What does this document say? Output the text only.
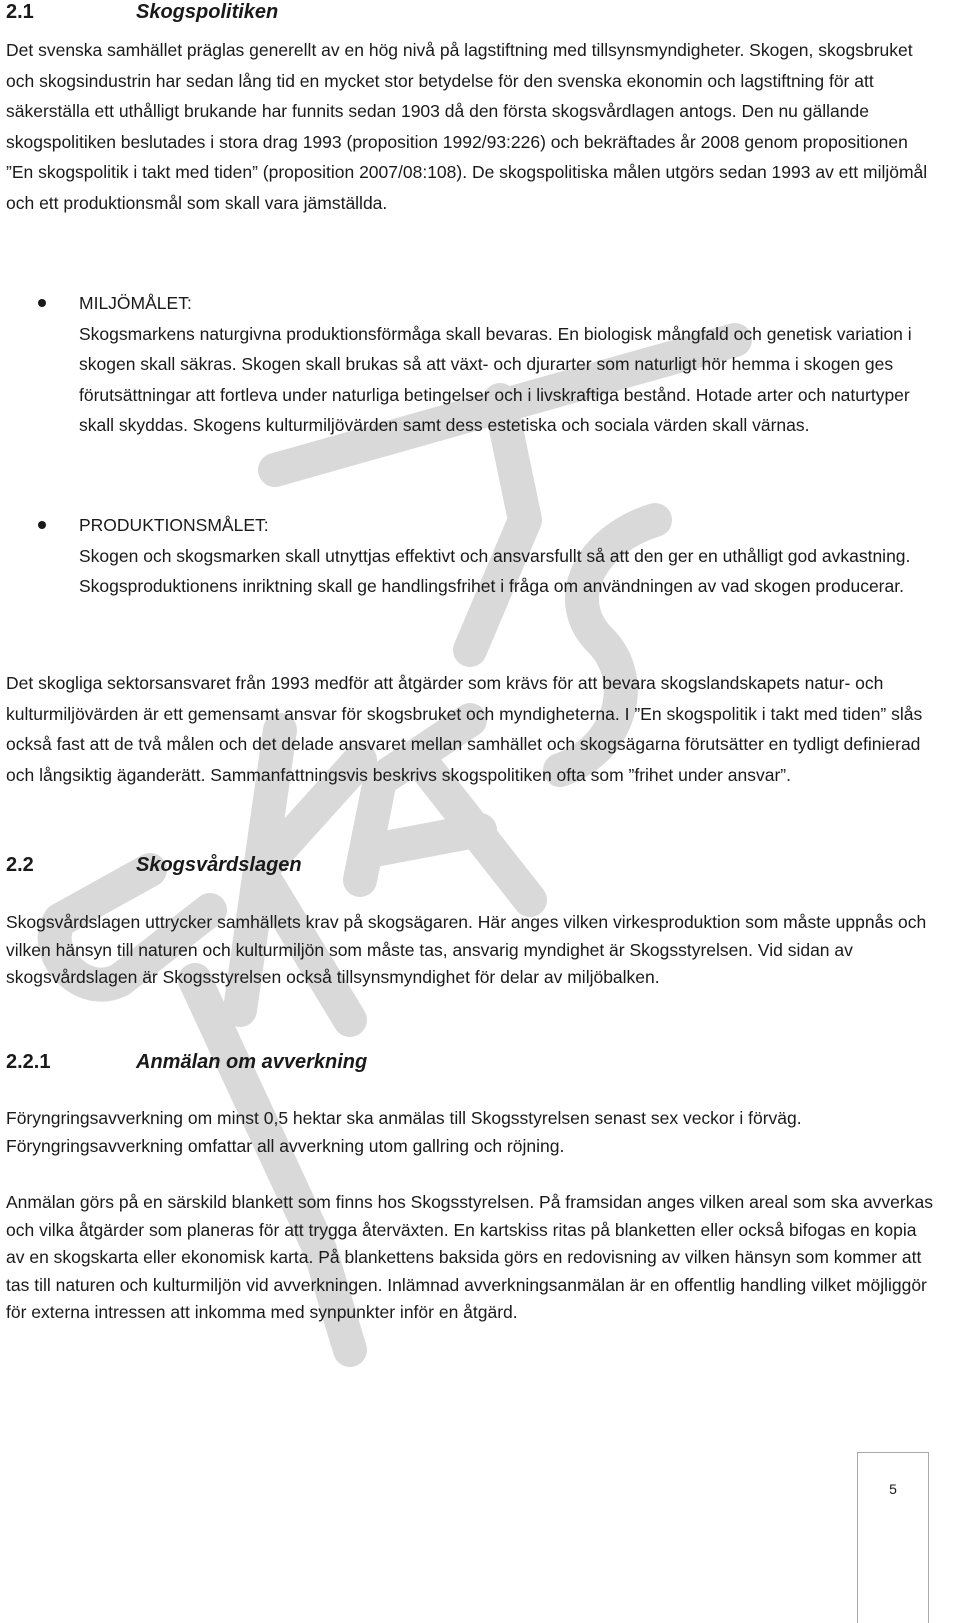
2.1	Skogspolitiken

Det svenska samhället präglas generellt av en hög nivå på lagstiftning med tillsynsmyndigheter. Skogen, skogsbruket och skogsindustrin har sedan lång tid en mycket stor betydelse för den svenska ekonomin och lagstiftning för att säkerställa ett uthålligt brukande har funnits sedan 1903 då den första skogsvårdlagen antogs. Den nu gällande skogspolitiken beslutades i stora drag 1993 (proposition 1992/93:226) och bekräftades år 2008 genom propositionen ”En skogspolitik i takt med tiden” (proposition 2007/08:108). De skogspolitiska målen utgörs sedan 1993 av ett miljömål och ett produktionsmål som skall vara jämställda.

MILJÖMÅLET:

Skogsmarkens naturgivna produktionsförmåga skall bevaras. En biologisk mångfald och genetisk variation i skogen skall säkras. Skogen skall brukas så att växt- och djurarter som naturligt hör hemma i skogen ges förutsättningar att fortleva under naturliga betingelser och i livskraftiga bestånd. Hotade arter och naturtyper skall skyddas. Skogens kulturmiljövärden samt dess estetiska och sociala värden skall värnas.

PRODUKTIONSMÅLET:

Skogen och skogsmarken skall utnyttjas effektivt och ansvarsfullt så att den ger en uthålligt god avkastning. Skogsproduktionens inriktning skall ge handlingsfrihet i fråga om användningen av vad skogen producerar.

Det skogliga sektorsansvaret från 1993 medför att åtgärder som krävs för att bevara skogslandskapets natur- och kulturmiljövärden är ett gemensamt ansvar för skogsbruket och myndigheterna. I ”En skogspolitik i takt med tiden” slås också fast att de två målen och det delade ansvaret mellan samhället och skogsägarna förutsätter en tydligt definierad och långsiktig äganderätt. Sammanfattningsvis beskrivs skogspolitiken ofta som ”frihet under ansvar”.

2.2	Skogsvårdslagen

Skogsvårdslagen uttrycker samhällets krav på skogsägaren. Här anges vilken virkesproduktion som måste uppnås och vilken hänsyn till naturen och kulturmiljön som måste tas, ansvarig myndighet är Skogsstyrelsen. Vid sidan av skogsvårdslagen är Skogsstyrelsen också tillsynsmyndighet för delar av miljöbalken.

2.2.1	Anmälan om avverkning

Föryngringsavverkning om minst 0,5 hektar ska anmälas till Skogsstyrelsen senast sex veckor i förväg. Föryngringsavverkning omfattar all avverkning utom gallring och röjning.

Anmälan görs på en särskild blankett som finns hos Skogsstyrelsen. På framsidan anges vilken areal som ska avverkas och vilka åtgärder som planeras för att trygga återväxten. En kartskiss ritas på blanketten eller också bifogas en kopia av en skogskarta eller ekonomisk karta. På blankettens baksida görs en redovisning av vilken hänsyn som kommer att tas till naturen och kulturmiljön vid avverkningen. Inlämnad avverkningsanmälan är en offentlig handling vilket möjliggör för externa intressen att inkomma med synpunkter inför en åtgärd.

5
